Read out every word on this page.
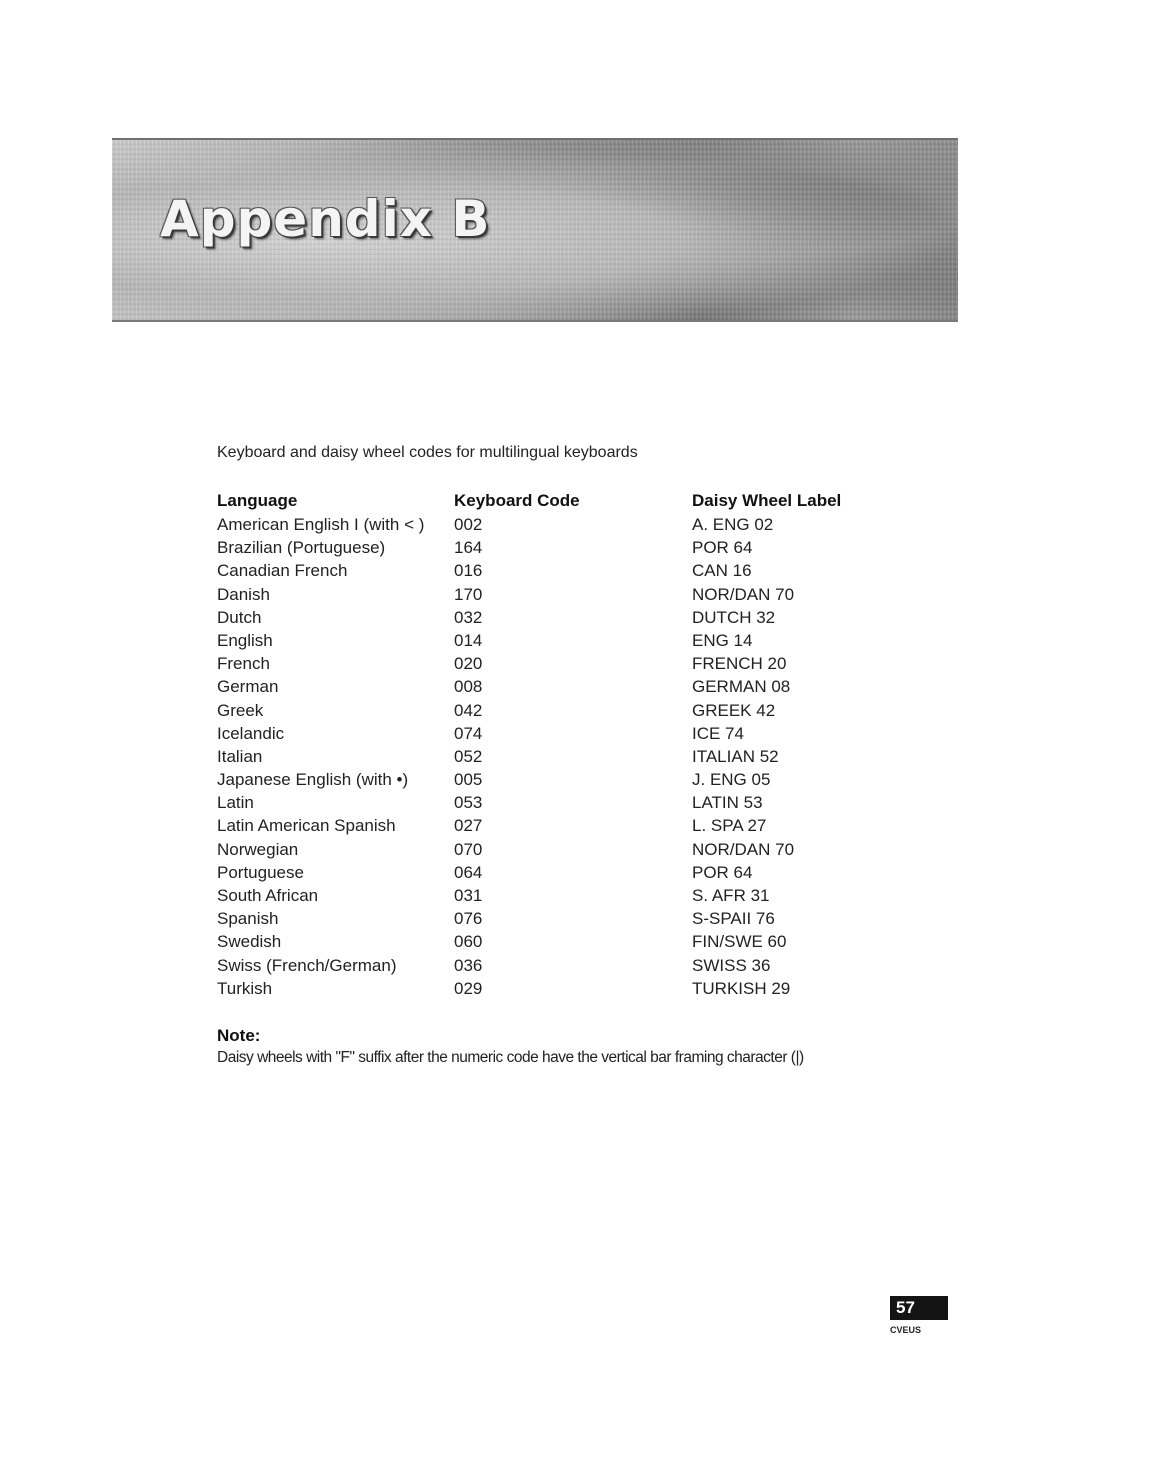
Appendix B
Keyboard and daisy wheel codes for multilingual keyboards
Language
American English I (with < )
Brazilian (Portuguese)
Canadian French
Danish
Dutch
English
French
German
Greek
Icelandic
Italian
Japanese English (with •)
Latin
Latin American Spanish
Norwegian
Portuguese
South African
Spanish
Swedish
Swiss (French/German)
Turkish
Keyboard Code
002
164
016
170
032
014
020
008
042
074
052
005
053
027
070
064
031
076
060
036
029
Daisy Wheel Label
A. ENG 02
POR 64
CAN 16
NOR/DAN 70
DUTCH 32
ENG 14
FRENCH 20
GERMAN 08
GREEK 42
ICE 74
ITALIAN 52
J. ENG 05
LATIN 53
L. SPA 27
NOR/DAN 70
POR 64
S. AFR 31
S-SPAII 76
FIN/SWE 60
SWISS 36
TURKISH 29
Note:
Daisy wheels with "F" suffix after the numeric code have the vertical bar framing character (|)
57
CVEUS
